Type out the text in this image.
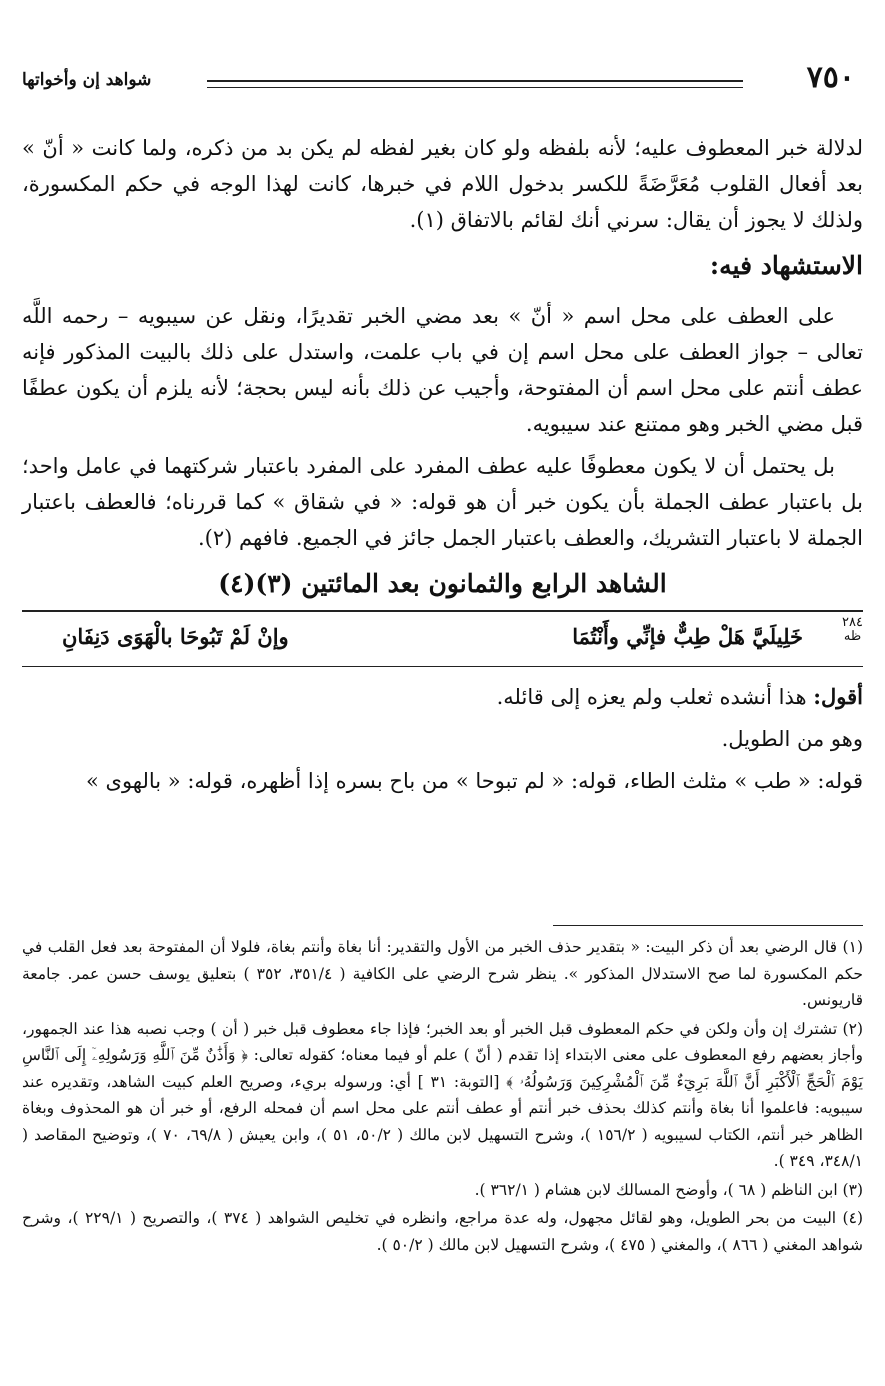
٧٥٠
شواهد إن وأخواتها

لدلالة خبر المعطوف عليه؛ لأنه بلفظه ولو كان بغير لفظه لم يكن بد من ذكره، ولما كانت « أنّ » بعد أفعال القلوب مُعَرَّضَةً للكسر بدخول اللام في خبرها، كانت لهذا الوجه في حكم المكسورة، ولذلك لا يجوز أن يقال: سرني أنك لقائم بالاتفاق (١).

الاستشهاد فيه:

على العطف على محل اسم « أنّ » بعد مضي الخبر تقديرًا، ونقل عن سيبويه – رحمه اللَّه تعالى – جواز العطف على محل اسم إن في باب علمت، واستدل على ذلك بالبيت المذكور فإنه عطف أنتم على محل اسم أن المفتوحة، وأجيب عن ذلك بأنه ليس بحجة؛ لأنه يلزم أن يكون عطفًا قبل مضي الخبر وهو ممتنع عند سيبويه.

بل يحتمل أن لا يكون معطوفًا عليه عطف المفرد على المفرد باعتبار شركتهما في عامل واحد؛ بل باعتبار عطف الجملة بأن يكون خبر أن هو قوله: « في شقاق » كما قررناه؛ فالعطف باعتبار الجملة لا باعتبار التشريك، والعطف باعتبار الجمل جائز في الجميع. فافهم (٢).

الشاهد الرابع والثمانون بعد المائتين (٣)(٤)
٢٨٤
ظه
خَلِيلَيَّ هَلْ طِبٌّ فإنِّي وأَنْتُمَا
وإنْ لَمْ تَبُوحَا بالْهَوَى دَنِفَانِ

أقول: هذا أنشده ثعلب ولم يعزه إلى قائله.

وهو من الطويل.

قوله: « طب » مثلث الطاء، قوله: « لم تبوحا » من باح بسره إذا أظهره، قوله: « بالهوى »

(١) قال الرضي بعد أن ذكر البيت: « بتقدير حذف الخبر من الأول والتقدير: أنا بغاة وأنتم بغاة، فلولا أن المفتوحة بعد فعل القلب في حكم المكسورة لما صح الاستدلال المذكور ». ينظر شرح الرضي على الكافية ( ٣٥١/٤، ٣٥٢ ) بتعليق يوسف حسن عمر. جامعة قاريونس.

(٢) تشترك إن وأن ولكن في حكم المعطوف قبل الخبر أو بعد الخبر؛ فإذا جاء معطوف قبل خبر ( أن ) وجب نصبه هذا عند الجمهور، وأجاز بعضهم رفع المعطوف على معنى الابتداء إذا تقدم ( أنّ ) علم أو فيما معناه؛ كقوله تعالى: ﴿ وَأَذَٰنٌ مِّنَ ٱللَّهِ وَرَسُولِهِۦٓ إِلَى ٱلنَّاسِ يَوْمَ ٱلْحَجِّ ٱلْأَكْبَرِ أَنَّ ٱللَّهَ بَرِيٓءٌ مِّنَ ٱلْمُشْرِكِينَ وَرَسُولُهُۥ ﴾ [التوبة: ٣١ ] أي: ورسوله بريء، وصريح العلم كبيت الشاهد، وتقديره عند سيبويه: فاعلموا أنا بغاة وأنتم كذلك بحذف خبر أنتم أو عطف أنتم على محل اسم أن فمحله الرفع، أو خبر أن هو المحذوف وبغاة الظاهر خبر أنتم، الكتاب لسيبويه ( ١٥٦/٢ )، وشرح التسهيل لابن مالك ( ٥٠/٢، ٥١ )، وابن يعيش ( ٦٩/٨، ٧٠ )، وتوضيح المقاصد ( ٣٤٨/١، ٣٤٩ ).

(٣) ابن الناظم ( ٦٨ )، وأوضح المسالك لابن هشام ( ٣٦٢/١ ).

(٤) البيت من بحر الطويل، وهو لقائل مجهول، وله عدة مراجع، وانظره في تخليص الشواهد ( ٣٧٤ )، والتصريح ( ٢٢٩/١ )، وشرح شواهد المغني ( ٨٦٦ )، والمغني ( ٤٧٥ )، وشرح التسهيل لابن مالك ( ٥٠/٢ ).
